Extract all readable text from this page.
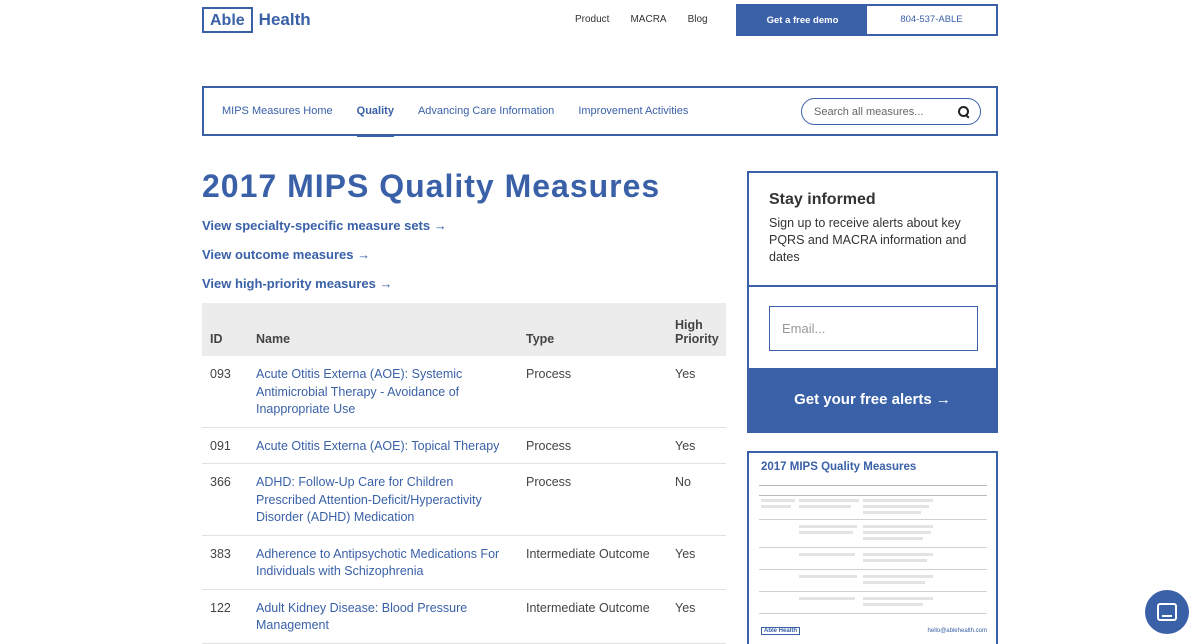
Able Health	Product MACRA Blog	Get a free demo	804-537-ABLE
MIPS Measures Home Quality Advancing Care Information Improvement Activities
Search all measures...
2017 MIPS Quality Measures
View specialty-specific measure sets →
View outcome measures →
View high-priority measures →
ID	Name	Type	High
Priority
093	Acute Otitis Externa (AOE): Systemic Antimicrobial Therapy - Avoidance of Inappropriate Use	Process	Yes
091	Acute Otitis Externa (AOE): Topical Therapy	Process	Yes
366	ADHD: Follow-Up Care for Children Prescribed Attention-Deficit/Hyperactivity Disorder (ADHD) Medication	Process	No
383	Adherence to Antipsychotic Medications For Individuals with Schizophrenia	Intermediate Outcome	Yes
122	Adult Kidney Disease: Blood Pressure Management	Intermediate Outcome	Yes
Stay informed

Sign up to receive alerts about key PQRS and MACRA information and dates

Email...
Get your free alerts →
2017 MIPS Quality Measures
Able Health	hello@ablehealth.com
